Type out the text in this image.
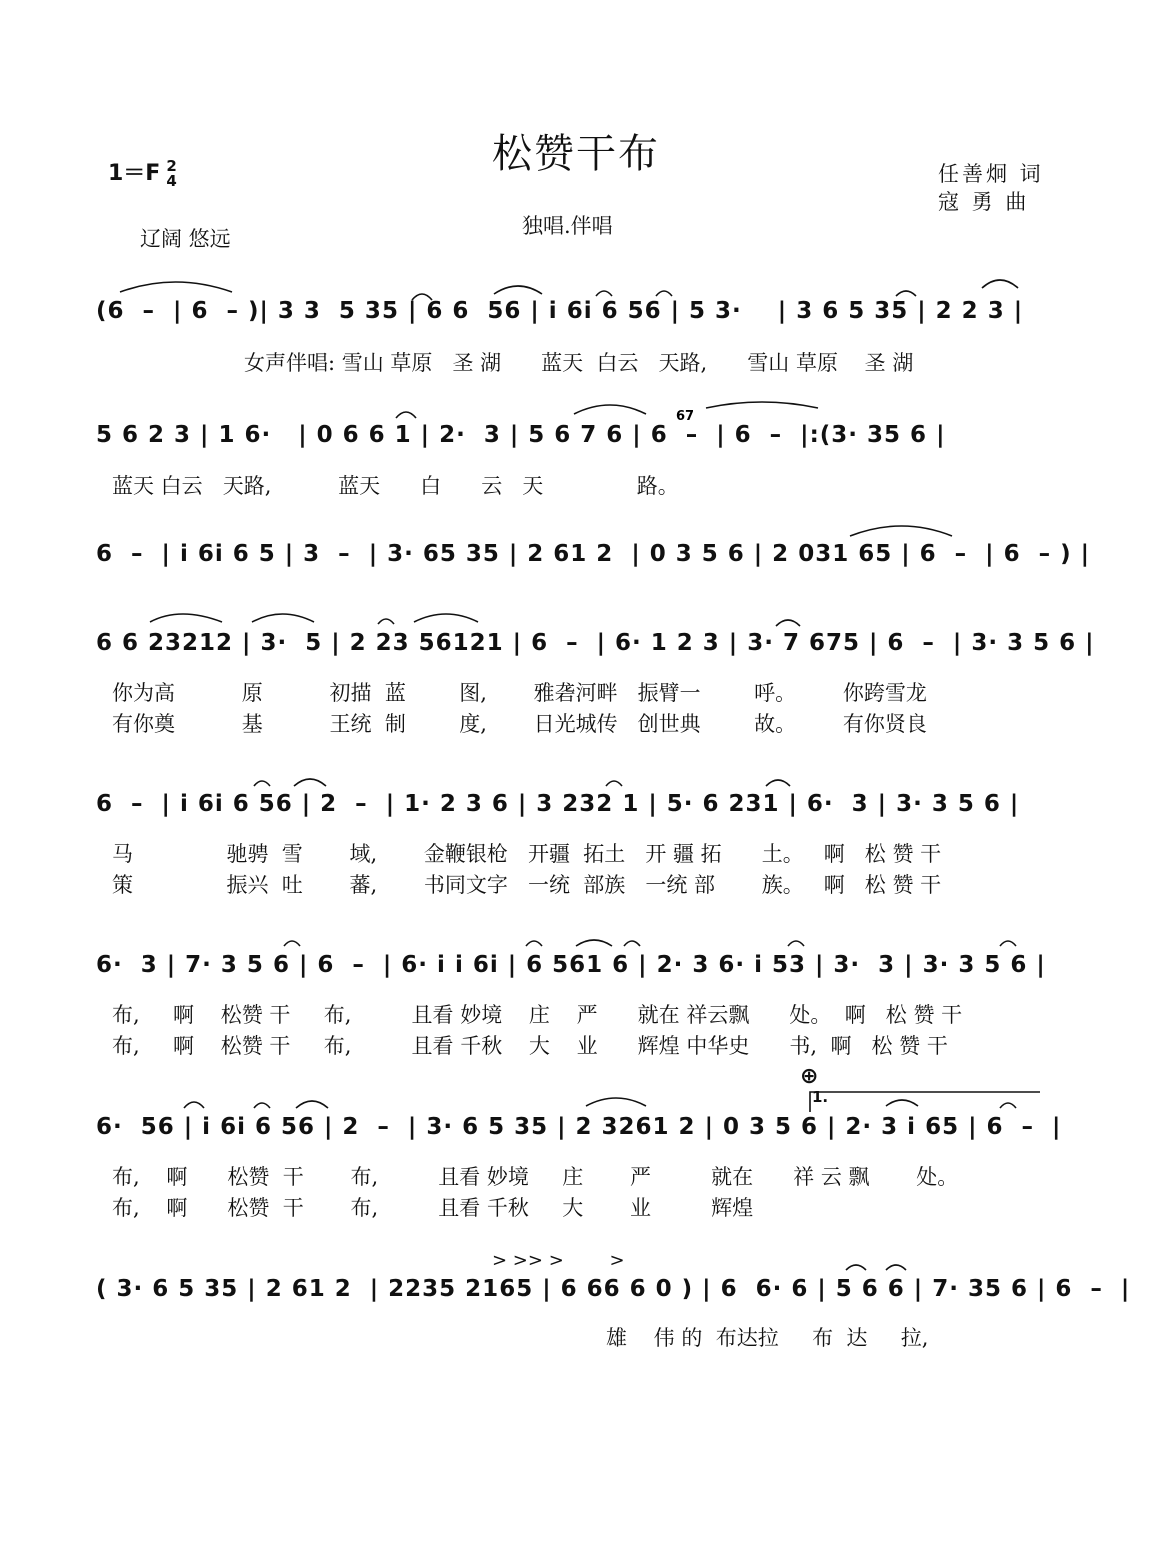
松赞干布
1＝F 2
4	任善炯 词
寇 勇 曲
独唱.伴唱
辽阔 悠远
(6  –  | 6  – )| 3 3  5 35 | 6 6  56 | i 6i 6 56 | 5 3·    | 3 6 5 35 | 2 2 3 |
女声伴唱: 雪山 草原   圣 湖      蓝天  白云   天路,      雪山 草原    圣 湖
5 6 2 3 | 1 6·   | 0 6 6 1 | 2·  3 | 5 6 7 6 | 6  –  | 6  –  |:(3· 35 6 |
蓝天 白云   天路,          蓝天      白      云   天              路。
6  –  | i 6i 6 5 | 3  –  | 3· 65 35 | 2 61 2  | 0 3 5 6 | 2 031 65 | 6  –  | 6  – ) |
6 6 23212 | 3·  5 | 2 23 56121 | 6  –  | 6· 1 2 3 | 3· 7 675 | 6  –  | 3· 3 5 6 |
你为高          原          初描  蓝        图,       雅砻河畔   振臂一        呼。       你跨雪龙
有你奠          基          王统  制        度,       日光城传   创世典        故。       有你贤良
6  –  | i 6i 6 56 | 2  –  | 1· 2 3 6 | 3 232 1 | 5· 6 231 | 6·  3 | 3· 3 5 6 |
马              驰骋  雪       域,       金鞭银枪   开疆  拓土   开 疆 拓      土。   啊   松 赞 干
策              振兴  吐       蕃,       书同文字   一统  部族   一统 部       族。   啊   松 赞 干
6·  3 | 7· 3 5 6 | 6  –  | 6· i i 6i | 6 561 6 | 2· 3 6· i 53 | 3·  3 | 3· 3 5 6 |
布,     啊    松赞 干     布,         且看 妙境    庄    严      就在 祥云飘      处。  啊   松 赞 干
布,     啊    松赞 干     布,         且看 千秋    大    业      辉煌 中华史      书,  啊   松 赞 干
⊕
1.
6·  56 | i 6i 6 56 | 2  –  | 3· 6 5 35 | 2 3261 2 | 0 3 5 6 | 2· 3 i 65 | 6  –  |
布,    啊      松赞  干       布,         且看 妙境     庄       严         就在      祥 云 飘       处。
布,    啊      松赞  干       布,         且看 千秋     大       业         辉煌
> >> >        >
( 3· 6 5 35 | 2 61 2  | 2235 2165 | 6 66 6 0 ) | 6  6· 6 | 5 6 6 | 7· 35 6 | 6  –  |
雄    伟 的  布达拉     布  达     拉,
67
